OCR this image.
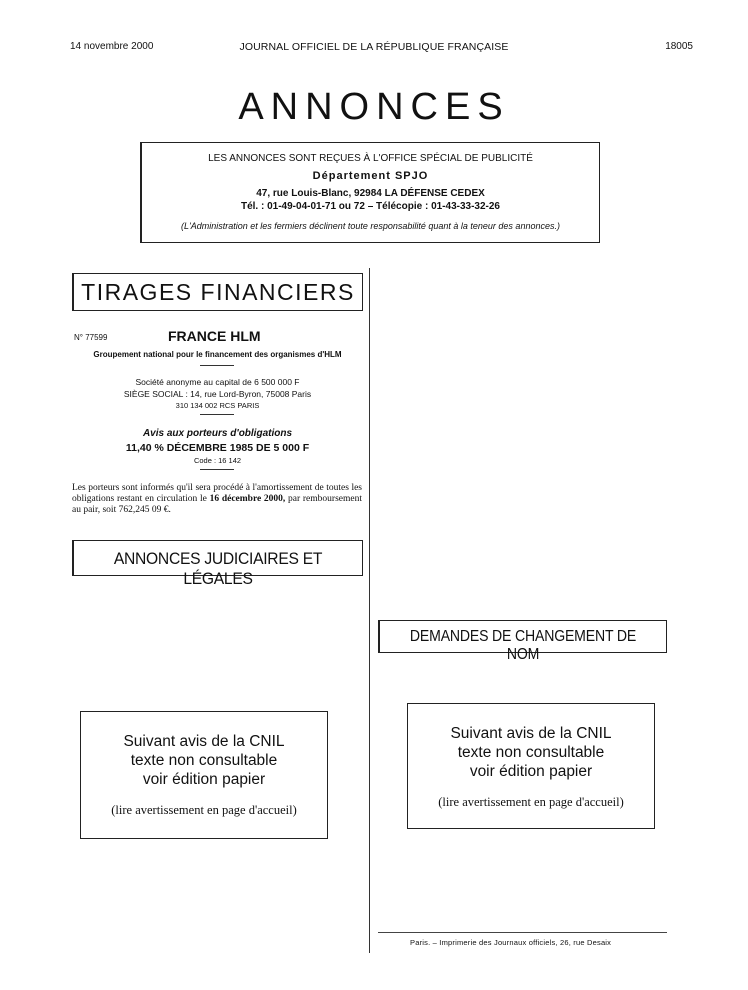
14 novembre 2000	JOURNAL OFFICIEL DE LA RÉPUBLIQUE FRANÇAISE	18005
ANNONCES
LES ANNONCES SONT REÇUES À L'OFFICE SPÉCIAL DE PUBLICITÉ
Département SPJO
47, rue Louis-Blanc, 92984 LA DÉFENSE CEDEX
Tél. : 01-49-04-01-71 ou 72 – Télécopie : 01-43-33-32-26
(L'Administration et les fermiers déclinent toute responsabilité quant à la teneur des annonces.)
TIRAGES FINANCIERS
N° 77599	FRANCE HLM
Groupement national pour le financement des organismes d'HLM
Société anonyme au capital de 6 500 000 F
SIÈGE SOCIAL : 14, rue Lord-Byron, 75008 Paris
310 134 002 RCS PARIS
Avis aux porteurs d'obligations
11,40 % DÉCEMBRE 1985 DE 5 000 F
Code : 16 142
Les porteurs sont informés qu'il sera procédé à l'amortissement de toutes les obligations restant en circulation le 16 décembre 2000, par remboursement au pair, soit 762,245 09 €.
ANNONCES JUDICIAIRES ET LÉGALES
DEMANDES DE CHANGEMENT DE NOM
Suivant avis de la CNIL
texte non consultable
voir édition papier
(lire avertissement en page d'accueil)
Suivant avis de la CNIL
texte non consultable
voir édition papier
(lire avertissement en page d'accueil)
Paris. – Imprimerie des Journaux officiels, 26, rue Desaix
